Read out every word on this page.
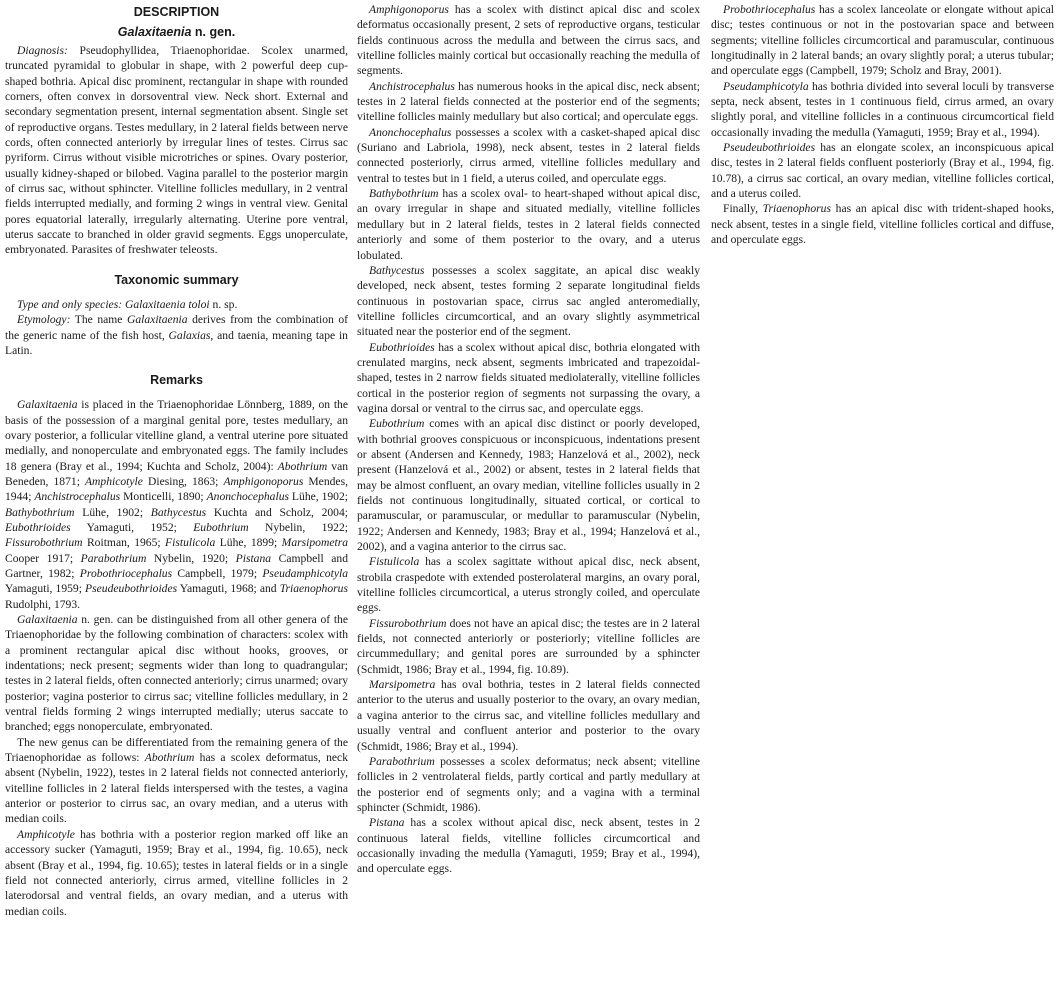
DESCRIPTION
Galaxitaenia n. gen.

Diagnosis: Pseudophyllidea, Triaenophoridae. Scolex unarmed, truncated pyramidal to globular in shape, with 2 powerful deep cup-shaped bothria. Apical disc prominent, rectangular in shape with rounded corners, often convex in dorsoventral view. Neck short. External and secondary segmentation present, internal segmentation absent. Single set of reproductive organs. Testes medullary, in 2 lateral fields between nerve cords, often connected anteriorly by irregular lines of testes. Cirrus sac pyriform. Cirrus without visible microtriches or spines. Ovary posterior, usually kidney-shaped or bilobed. Vagina parallel to the posterior margin of cirrus sac, without sphincter. Vitelline follicles medullary, in 2 ventral fields interrupted medially, and forming 2 wings in ventral view. Genital pores equatorial laterally, irregularly alternating. Uterine pore ventral, uterus saccate to branched in older gravid segments. Eggs unoperculate, embryonated. Parasites of freshwater teleosts.

Taxonomic summary

Type and only species: Galaxitaenia toloi n. sp.

Etymology: The name Galaxitaenia derives from the combination of the generic name of the fish host, Galaxias, and taenia, meaning tape in Latin.

Remarks

Galaxitaenia is placed in the Triaenophoridae Lönnberg, 1889, on the basis of the possession of a marginal genital pore, testes medullary, an ovary posterior, a follicular vitelline gland, a ventral uterine pore situated medially, and nonoperculate and embryonated eggs. The family includes 18 genera (Bray et al., 1994; Kuchta and Scholz, 2004): Abothrium van Beneden, 1871; Amphicotyle Diesing, 1863; Amphigonoporus Mendes, 1944; Anchistrocephalus Monticelli, 1890; Anonchocephalus Lühe, 1902; Bathybothrium Lühe, 1902; Bathycestus Kuchta and Scholz, 2004; Eubothrioides Yamaguti, 1952; Eubothrium Nybelin, 1922; Fissurobothrium Roitman, 1965; Fistulicola Lühe, 1899; Marsipometra Cooper 1917; Parabothrium Nybelin, 1920; Pistana Campbell and Gartner, 1982; Probothriocephalus Campbell, 1979; Pseudamphicotyla Yamaguti, 1959; Pseudeubothrioides Yamaguti, 1968; and Triaenophorus Rudolphi, 1793.

Galaxitaenia n. gen. can be distinguished from all other genera of the Triaenophoridae by the following combination of characters: scolex with a prominent rectangular apical disc without hooks, grooves, or indentations; neck present; segments wider than long to quadrangular; testes in 2 lateral fields, often connected anteriorly; cirrus unarmed; ovary posterior; vagina posterior to cirrus sac; vitelline follicles medullary, in 2 ventral fields forming 2 wings interrupted medially; uterus saccate to branched; eggs nonoperculate, embryonated.

The new genus can be differentiated from the remaining genera of the Triaenophoridae as follows: Abothrium has a scolex deformatus, neck absent (Nybelin, 1922), testes in 2 lateral fields not connected anteriorly, vitelline follicles in 2 lateral fields interspersed with the testes, a vagina anterior or posterior to cirrus sac, an ovary median, and a uterus with median coils.

Amphicotyle has bothria with a posterior region marked off like an accessory sucker (Yamaguti, 1959; Bray et al., 1994, fig. 10.65), neck absent (Bray et al., 1994, fig. 10.65); testes in lateral fields or in a single field not connected anteriorly, cirrus armed, vitelline follicles in 2 laterodorsal and ventral fields, an ovary median, and a uterus with median coils.

Amphigonoporus has a scolex with distinct apical disc and scolex deformatus occasionally present, 2 sets of reproductive organs, testicular fields continuous across the medulla and between the cirrus sacs, and vitelline follicles mainly cortical but occasionally reaching the medulla of segments.

Anchistrocephalus has numerous hooks in the apical disc, neck absent; testes in 2 lateral fields connected at the posterior end of the segments; vitelline follicles mainly medullary but also cortical; and operculate eggs.

Anonchocephalus possesses a scolex with a casket-shaped apical disc (Suriano and Labriola, 1998), neck absent, testes in 2 lateral fields connected posteriorly, cirrus armed, vitelline follicles medullary and ventral to testes but in 1 field, a uterus coiled, and operculate eggs.

Bathybothrium has a scolex oval- to heart-shaped without apical disc, an ovary irregular in shape and situated medially, vitelline follicles medullary but in 2 lateral fields, testes in 2 lateral fields connected anteriorly and some of them posterior to the ovary, and a uterus lobulated.

Bathycestus possesses a scolex saggitate, an apical disc weakly developed, neck absent, testes forming 2 separate longitudinal fields continuous in postovarian space, cirrus sac angled anteromedially, vitelline follicles circumcortical, and an ovary slightly asymmetrical situated near the posterior end of the segment.

Eubothrioides has a scolex without apical disc, bothria elongated with crenulated margins, neck absent, segments imbricated and trapezoidal-shaped, testes in 2 narrow fields situated mediolaterally, vitelline follicles cortical in the posterior region of segments not surpassing the ovary, a vagina dorsal or ventral to the cirrus sac, and operculate eggs.

Eubothrium comes with an apical disc distinct or poorly developed, with bothrial grooves conspicuous or inconspicuous, indentations present or absent (Andersen and Kennedy, 1983; Hanzelová et al., 2002), neck present (Hanzelová et al., 2002) or absent, testes in 2 lateral fields that may be almost confluent, an ovary median, vitelline follicles usually in 2 fields not continuous longitudinally, situated cortical, or cortical to paramuscular, or paramuscular, or medullar to paramuscular (Nybelin, 1922; Andersen and Kennedy, 1983; Bray et al., 1994; Hanzelová et al., 2002), and a vagina anterior to the cirrus sac.

Fistulicola has a scolex sagittate without apical disc, neck absent, strobila craspedote with extended posterolateral margins, an ovary poral, vitelline follicles circumcortical, a uterus strongly coiled, and operculate eggs.

Fissurobothrium does not have an apical disc; the testes are in 2 lateral fields, not connected anteriorly or posteriorly; vitelline follicles are circummedullary; and genital pores are surrounded by a sphincter (Schmidt, 1986; Bray et al., 1994, fig. 10.89).

Marsipometra has oval bothria, testes in 2 lateral fields connected anterior to the uterus and usually posterior to the ovary, an ovary median, a vagina anterior to the cirrus sac, and vitelline follicles medullary and usually ventral and confluent anterior and posterior to the ovary (Schmidt, 1986; Bray et al., 1994).

Parabothrium possesses a scolex deformatus; neck absent; vitelline follicles in 2 ventrolateral fields, partly cortical and partly medullary at the posterior end of segments only; and a vagina with a terminal sphincter (Schmidt, 1986).

Pistana has a scolex without apical disc, neck absent, testes in 2 continuous lateral fields, vitelline follicles circumcortical and occasionally invading the medulla (Yamaguti, 1959; Bray et al., 1994), and operculate eggs.

Probothriocephalus has a scolex lanceolate or elongate without apical disc; testes continuous or not in the postovarian space and between segments; vitelline follicles circumcortical and paramuscular, continuous longitudinally in 2 lateral bands; an ovary slightly poral; a uterus tubular; and operculate eggs (Campbell, 1979; Scholz and Bray, 2001).

Pseudamphicotyla has bothria divided into several loculi by transverse septa, neck absent, testes in 1 continuous field, cirrus armed, an ovary slightly poral, and vitelline follicles in a continuous circumcortical field occasionally invading the medulla (Yamaguti, 1959; Bray et al., 1994).

Pseudeubothrioides has an elongate scolex, an inconspicuous apical disc, testes in 2 lateral fields confluent posteriorly (Bray et al., 1994, fig. 10.78), a cirrus sac cortical, an ovary median, vitelline follicles cortical, and a uterus coiled.

Finally, Triaenophorus has an apical disc with trident-shaped hooks, neck absent, testes in a single field, vitelline follicles cortical and diffuse, and operculate eggs.
